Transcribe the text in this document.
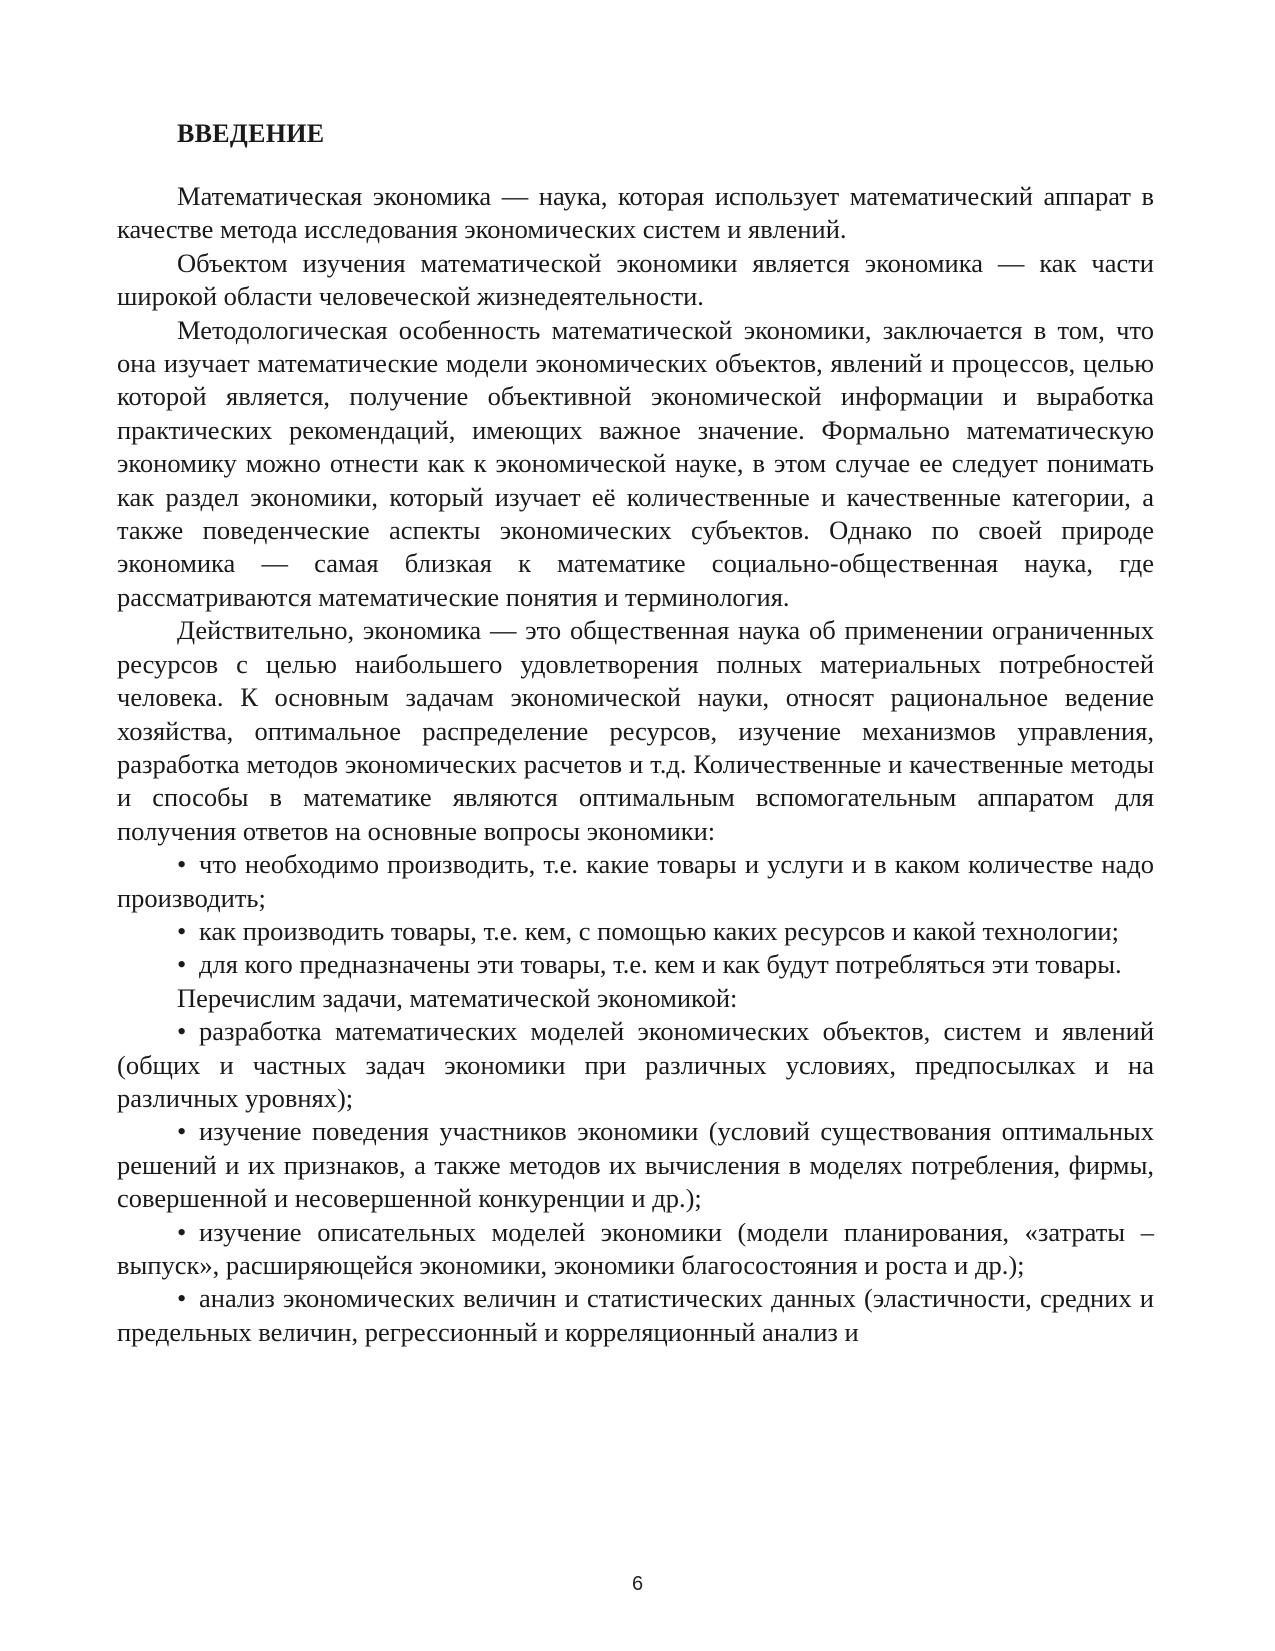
ВВЕДЕНИЕ

Математическая экономика — наука, которая использует математический аппарат в качестве метода исследования экономических систем и явлений.

Объектом изучения математической экономики является экономика — как части широкой области человеческой жизнедеятельности.

Методологическая особенность математической экономики, заключается в том, что она изучает математические модели экономических объектов, явлений и процессов, целью которой является, получение объективной экономической информации и выработка практических рекомендаций, имеющих важное значение. Формально математическую экономику можно отнести как к экономической науке, в этом случае ее следует понимать как раздел экономики, который изучает её количественные и качественные категории, а также поведенческие аспекты экономических субъектов. Однако по своей природе экономика — самая близкая к математике социально-общественная наука, где рассматриваются математические понятия и терминология.

Действительно, экономика — это общественная наука об применении ограниченных ресурсов с целью наибольшего удовлетворения полных материальных потребностей человека. К основным задачам экономической науки, относят рациональное ведение хозяйства, оптимальное распределение ресурсов, изучение механизмов управления, разработка методов экономических расчетов и т.д. Количественные и качественные методы и способы в математике являются оптимальным вспомогательным аппаратом для получения ответов на основные вопросы экономики:

• что необходимо производить, т.е. какие товары и услуги и в каком количестве надо производить;

• как производить товары, т.е. кем, с помощью каких ресурсов и какой технологии;

• для кого предназначены эти товары, т.е. кем и как будут потребляться эти товары.

Перечислим задачи, математической экономикой:

• разработка математических моделей экономических объектов, систем и явлений (общих и частных задач экономики при различных условиях, предпосылках и на различных уровнях);

• изучение поведения участников экономики (условий существования оптимальных решений и их признаков, а также методов их вычисления в моделях потребления, фирмы, совершенной и несовершенной конкуренции и др.);

• изучение описательных моделей экономики (модели планирования, «затраты – выпуск», расширяющейся экономики, экономики благосостояния и роста и др.);

• анализ экономических величин и статистических данных (эластичности, средних и предельных величин, регрессионный и корреляционный анализ и

6
